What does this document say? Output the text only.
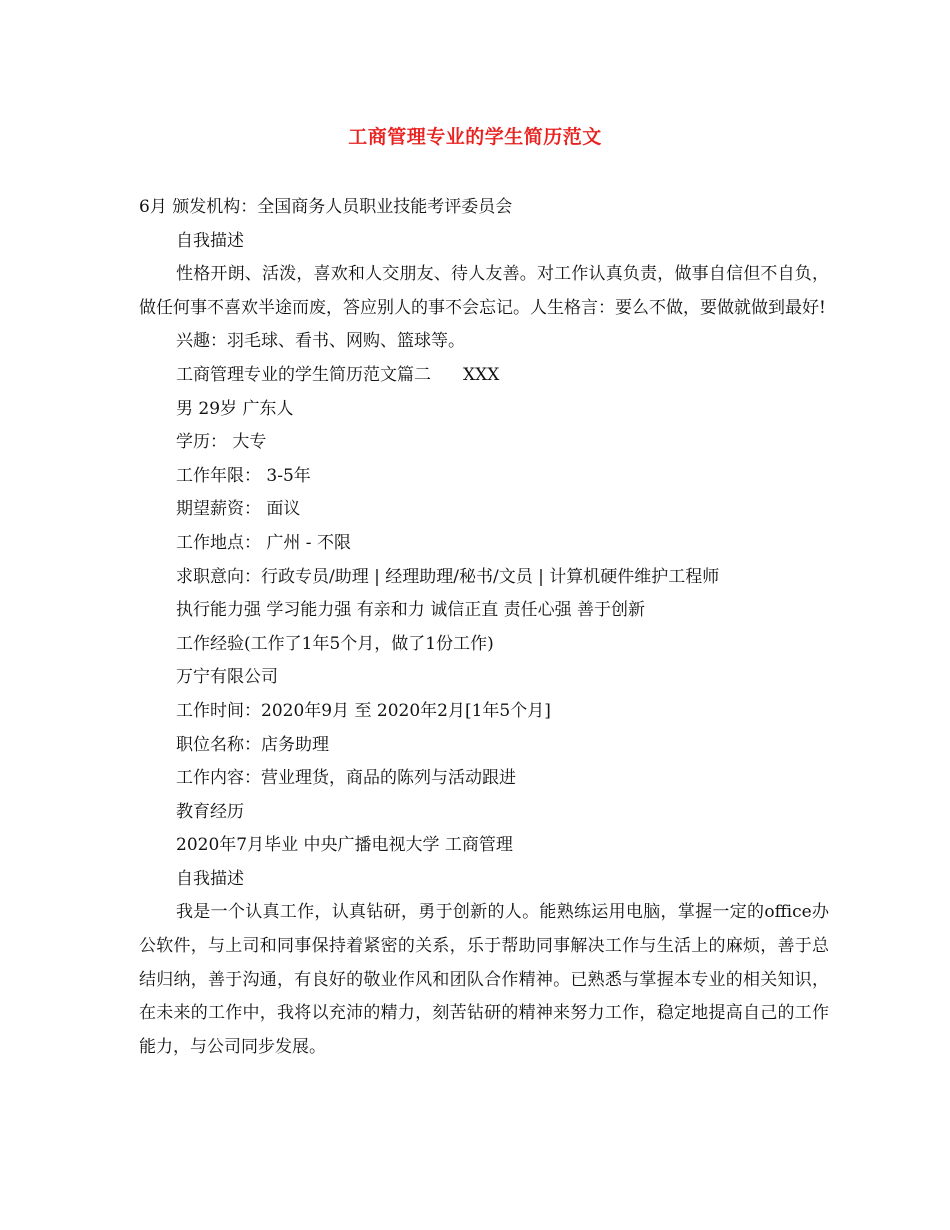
工商管理专业的学生简历范文

6月 颁发机构：全国商务人员职业技能考评委员会

自我描述

性格开朗、活泼，喜欢和人交朋友、待人友善。对工作认真负责，做事自信但不自负，做任何事不喜欢半途而废，答应别人的事不会忘记。人生格言：要么不做，要做就做到最好!

兴趣：羽毛球、看书、网购、篮球等。

工商管理专业的学生简历范文篇二 XXX

男 29岁 广东人

学历： 大专

工作年限： 3-5年

期望薪资： 面议

工作地点： 广州 - 不限

求职意向：行政专员/助理 | 经理助理/秘书/文员 | 计算机硬件维护工程师

执行能力强 学习能力强 有亲和力 诚信正直 责任心强 善于创新

工作经验(工作了1年5个月，做了1份工作)

万宁有限公司

工作时间：2020年9月 至 2020年2月[1年5个月]

职位名称：店务助理

工作内容：营业理货，商品的陈列与活动跟进

教育经历

2020年7月毕业 中央广播电视大学 工商管理

自我描述

我是一个认真工作，认真钻研，勇于创新的人。能熟练运用电脑，掌握一定的office办公软件，与上司和同事保持着紧密的关系，乐于帮助同事解决工作与生活上的麻烦，善于总结归纳，善于沟通，有良好的敬业作风和团队合作精神。已熟悉与掌握本专业的相关知识，在未来的工作中，我将以充沛的精力，刻苦钻研的精神来努力工作，稳定地提高自己的工作能力，与公司同步发展。
